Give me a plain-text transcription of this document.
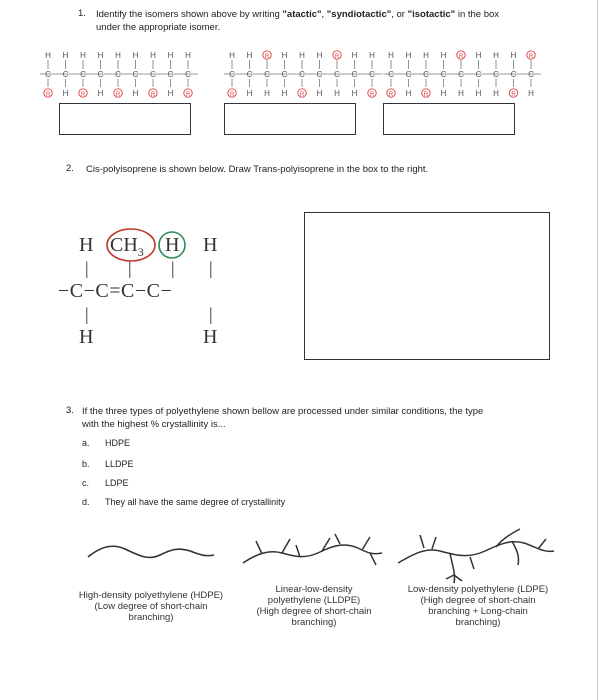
1. Identify the isomers shown above by writing "atactic", "syndiotactic", or "isotactic" in the box
under the appropriate isomer.
H
C
R
H
C
H
H
C
R
H
C
H
H
C
R
H
C
H
H
C
R
H
C
H
H
C
R
H
C
R
H
C
H
R
C
H
H
C
H
H
C
R
H
C
H
R
C
H
H
C
H
H
C
R
H
C
R
H
C
H
H
C
R
H
C
H
R
C
H
H
C
H
H
C
H
H
C
R
R
C
H
2. Cis-polyisoprene is shown below. Draw Trans-polyisoprene in the box to the right.
H $CH_3$ H H
| | | |
−C−C=C−C−
|	|
H	H
3. If the three types of polyethylene shown bellow are processed under similar conditions, the type
with the highest % crystallinity is...
a. HDPE
b. LLDPE
c. LDPE
d. They all have the same degree of crystallinity
High-density polyethylene (HDPE)
(Low degree of short-chain
branching)
Linear-low-density
polyethylene (LLDPE)
(High degree of short-chain
branching)
Low-density polyethylene (LDPE)
(High degree of short-chain
branching + Long-chain
branching)
